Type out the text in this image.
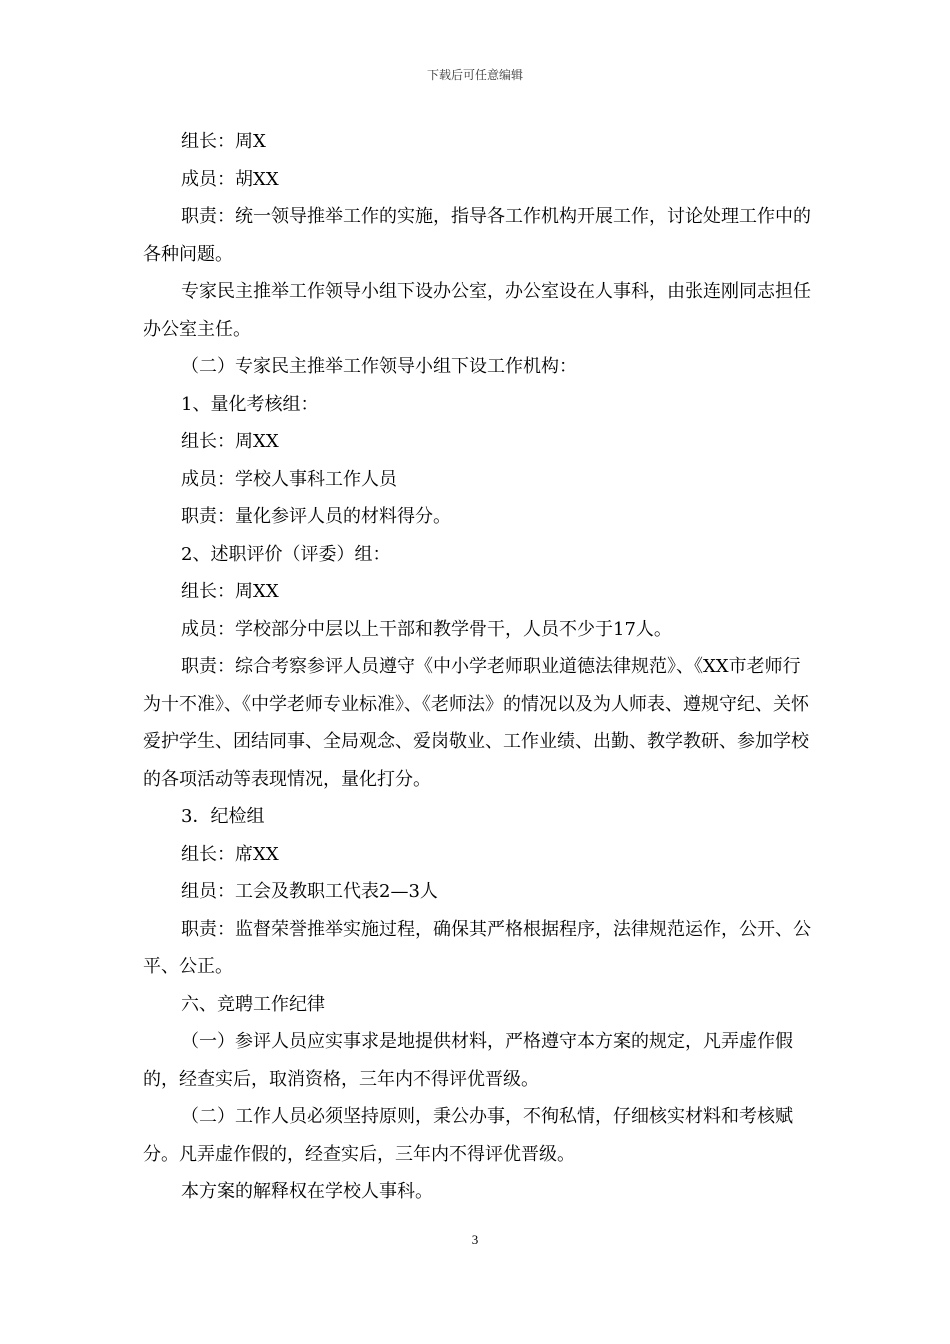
下载后可任意编辑

组长：周X

成员：胡XX

职责：统一领导推举工作的实施，指导各工作机构开展工作，讨论处理工作中的各种问题。

专家民主推举工作领导小组下设办公室，办公室设在人事科，由张连刚同志担任办公室主任。

（二）专家民主推举工作领导小组下设工作机构：

1、量化考核组：

组长：周XX

成员：学校人事科工作人员

职责：量化参评人员的材料得分。

2、述职评价（评委）组：

组长：周XX

成员：学校部分中层以上干部和教学骨干，人员不少于17人。

职责：综合考察参评人员遵守《中小学老师职业道德法律规范》、《XX市老师行为十不准》、《中学老师专业标准》、《老师法》的情况以及为人师表、遵规守纪、关怀爱护学生、团结同事、全局观念、爱岗敬业、工作业绩、出勤、教学教研、参加学校的各项活动等表现情况，量化打分。

3．纪检组

组长：席XX

组员：工会及教职工代表2—3人

职责：监督荣誉推举实施过程，确保其严格根据程序，法律规范运作，公开、公平、公正。

六、竞聘工作纪律

（一）参评人员应实事求是地提供材料，严格遵守本方案的规定，凡弄虚作假的，经查实后，取消资格，三年内不得评优晋级。

（二）工作人员必须坚持原则，秉公办事，不徇私情，仔细核实材料和考核赋分。凡弄虚作假的，经查实后，三年内不得评优晋级。

本方案的解释权在学校人事科。

3
